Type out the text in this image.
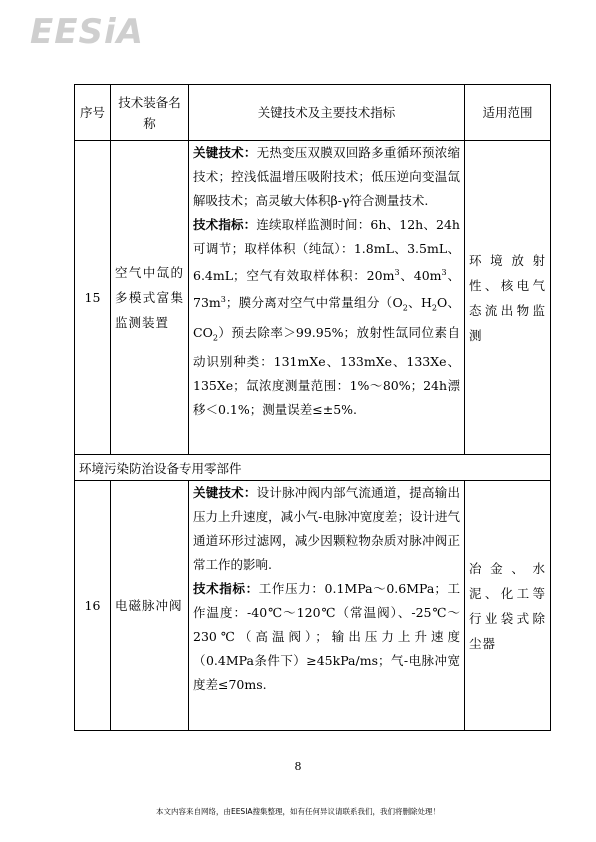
EESiA
序号	技术装备名称	关键技术及主要技术指标	适用范围
15	空气中氙的多模式富集监测装置	关键技术：无热变压双膜双回路多重循环预浓缩技术；控浅低温增压吸附技术；低压逆向变温氙解吸技术；高灵敏大体积β-γ符合测量技术.
技术指标：连续取样监测时间：6h、12h、24h可调节；取样体积（纯氙）：1.8mL、3.5mL、6.4mL；空气有效取样体积：$20m^3$、$40m^3$、$73m^3$；膜分离对空气中常量组分（$O_2$、$H_2O$、$CO_2$）预去除率＞99.95%；放射性氙同位素自动识别种类：131mXe、133mXe、133Xe、135Xe；氙浓度测量范围：1%～80%；24h漂移＜0.1%；测量误差≤±5%.	环境放射性、核电气态流出物监测
环境污染防治设备专用零部件			
16	电磁脉冲阀	关键技术：设计脉冲阀内部气流通道，提高输出压力上升速度，减小气-电脉冲宽度差；设计进气通道环形过滤网，减少因颗粒物杂质对脉冲阀正常工作的影响.
技术指标：工作压力：0.1MPa～0.6MPa；工作温度：-40℃～120℃（常温阀）、-25℃～230℃（高温阀）；输出压力上升速度（0.4MPa条件下）≥45kPa/ms；气-电脉冲宽度差≤70ms.	冶金、水泥、化工等行业袋式除尘器
8
本文内容来自网络，由EESIA搜集整理，如有任何异议请联系我们，我们将删除处理！
